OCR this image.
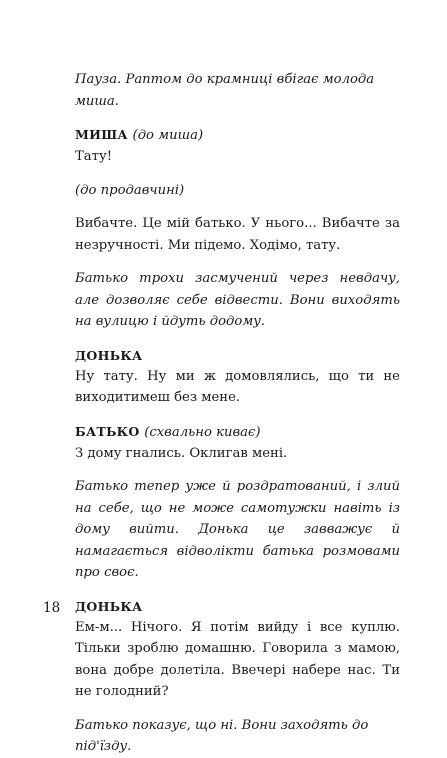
Пауза. Раптом до крамниці вбігає молода миша.

МИША (до миша)

Тату!

(до продавчині)

Вибачте. Це мій батько. У нього... Вибачте за незручності. Ми підемо. Ходімо, тату.

Батько трохи засмучений через невдачу, але дозволяє себе відвести. Вони виходять на вулицю і йдуть додому.

ДОНЬКА

Ну тату. Ну ми ж домовлялись, що ти не виходитимеш без мене.

БАТЬКО (схвально киває)

З дому гнались. Оклигав мені.

Батько тепер уже й роздратований, і злий на себе, що не може самотужки навіть із дому вийти. Донька це завважує й намагається відволікти батька розмовами про своє.

ДОНЬКА

Ем-м... Нічого. Я потім вийду і все куплю. Тільки зроблю домашню. Говорила з мамою, вона добре долетіла. Ввечері набере нас. Ти не голодний?

Батько показує, що ні. Вони заходять до під'їзду.

18
